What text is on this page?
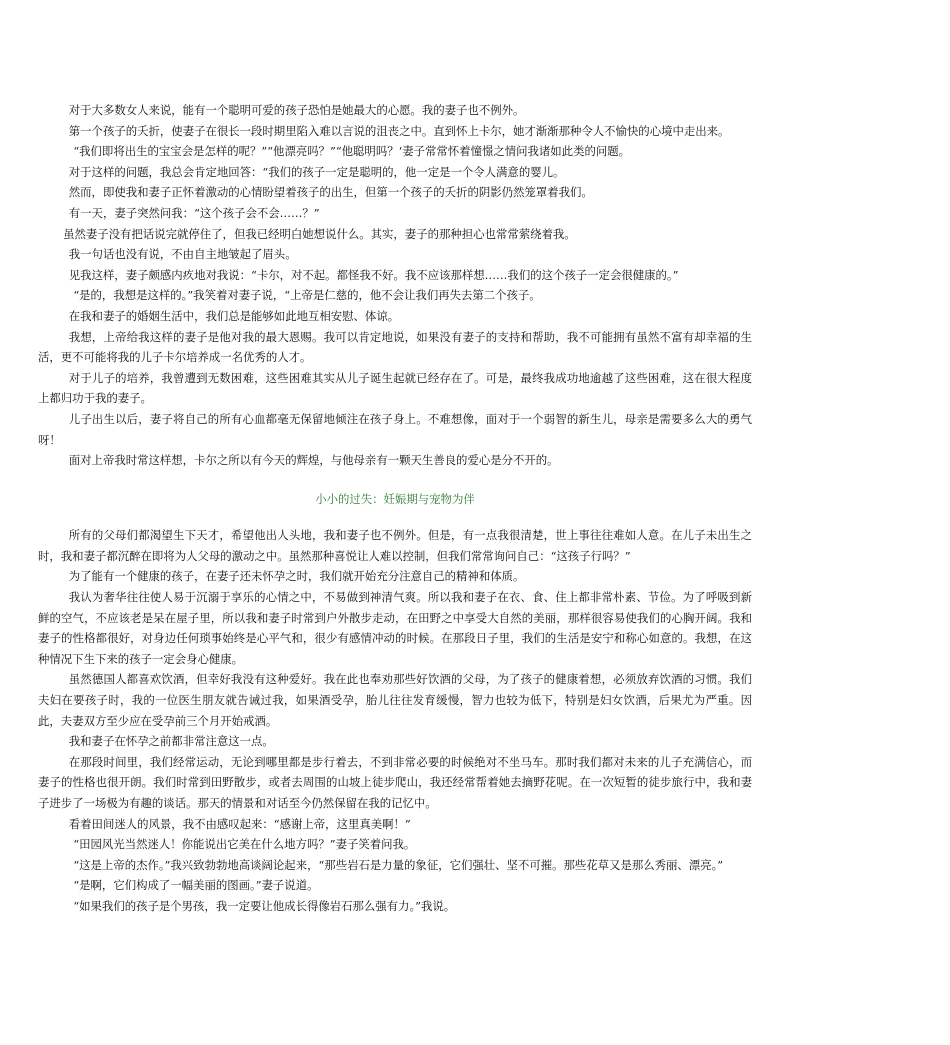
对于大多数女人来说，能有一个聪明可爱的孩子恐怕是她最大的心愿。我的妻子也不例外。

第一个孩子的夭折，使妻子在很长一段时期里陷入难以言说的沮丧之中。直到怀上卡尔，她才渐渐那种令人不愉快的心境中走出来。

“我们即将出生的宝宝会是怎样的呢？”“他漂亮吗？”“他聪明吗？‘妻子常常怀着憧憬之情问我诸如此类的问题。

对于这样的问题，我总会肯定地回答：“我们的孩子一定是聪明的，他一定是一个令人满意的婴儿。

然而，即使我和妻子正怀着激动的心情盼望着孩子的出生，但第一个孩子的夭折的阴影仍然笼罩着我们。

有一天，妻子突然问我：“这个孩子会不会……？”

虽然妻子没有把话说完就停住了，但我已经明白她想说什么。其实，妻子的那种担心也常常萦绕着我。

我一句话也没有说，不由自主地皱起了眉头。

见我这样，妻子颇感内疚地对我说：“卡尔，对不起。都怪我不好。我不应该那样想……我们的这个孩子一定会很健康的。”

“是的，我想是这样的。”我笑着对妻子说，“上帝是仁慈的，他不会让我们再失去第二个孩子。

在我和妻子的婚姻生活中，我们总是能够如此地互相安慰、体谅。

我想，上帝给我这样的妻子是他对我的最大恩赐。我可以肯定地说，如果没有妻子的支持和帮助，我不可能拥有虽然不富有却幸福的生活，更不可能将我的儿子卡尔培养成一名优秀的人才。

对于儿子的培养，我曾遭到无数困难，这些困难其实从儿子诞生起就已经存在了。可是，最终我成功地逾越了这些困难，这在很大程度上都归功于我的妻子。

儿子出生以后，妻子将自己的所有心血都毫无保留地倾注在孩子身上。不难想像，面对于一个弱智的新生儿，母亲是需要多么大的勇气呀！

面对上帝我时常这样想，卡尔之所以有今天的辉煌，与他母亲有一颗天生善良的爱心是分不开的。

小小的过失：妊娠期与宠物为伴

所有的父母们都渴望生下天才，希望他出人头地，我和妻子也不例外。但是，有一点我很清楚，世上事往往难如人意。在儿子未出生之时，我和妻子都沉醉在即将为人父母的激动之中。虽然那种喜悦让人难以控制，但我们常常询问自己：“这孩子行吗？”

为了能有一个健康的孩子，在妻子还未怀孕之时，我们就开始充分注意自己的精神和体质。

我认为奢华往往使人易于沉溺于享乐的心情之中，不易做到神清气爽。所以我和妻子在衣、食、住上都非常朴素、节俭。为了呼吸到新鲜的空气，不应该老是呆在屋子里，所以我和妻子时常到户外散步走动，在田野之中享受大自然的美丽，那样很容易使我们的心胸开阔。我和妻子的性格都很好，对身边任何琐事始终是心平气和，很少有感情冲动的时候。在那段日子里，我们的生活是安宁和称心如意的。我想，在这种情况下生下来的孩子一定会身心健康。

虽然德国人都喜欢饮酒，但幸好我没有这种爱好。我在此也奉劝那些好饮酒的父母，为了孩子的健康着想，必须放弃饮酒的习惯。我们夫妇在要孩子时，我的一位医生朋友就告诫过我，如果酒受孕，胎儿往往发育缓慢，智力也较为低下，特别是妇女饮酒，后果尤为严重。因此，夫妻双方至少应在受孕前三个月开始戒酒。

我和妻子在怀孕之前都非常注意这一点。

在那段时间里，我们经常运动，无论到哪里都是步行着去，不到非常必要的时候绝对不坐马车。那时我们都对未来的儿子充满信心，而妻子的性格也很开朗。我们时常到田野散步，或者去周围的山坡上徒步爬山，我还经常帮着她去摘野花呢。在一次短暂的徒步旅行中，我和妻子进步了一场极为有趣的谈话。那天的情景和对话至今仍然保留在我的记忆中。

看着田间迷人的风景，我不由感叹起来：“感谢上帝，这里真美啊！”

“田园风光当然迷人！你能说出它美在什么地方吗？”妻子笑着问我。

“这是上帝的杰作。”我兴致勃勃地高谈阔论起来，“那些岩石是力量的象征，它们强壮、坚不可摧。那些花草又是那么秀丽、漂亮。”

“是啊，它们构成了一幅美丽的图画。”妻子说道。

“如果我们的孩子是个男孩，我一定要让他成长得像岩石那么强有力。”我说。
